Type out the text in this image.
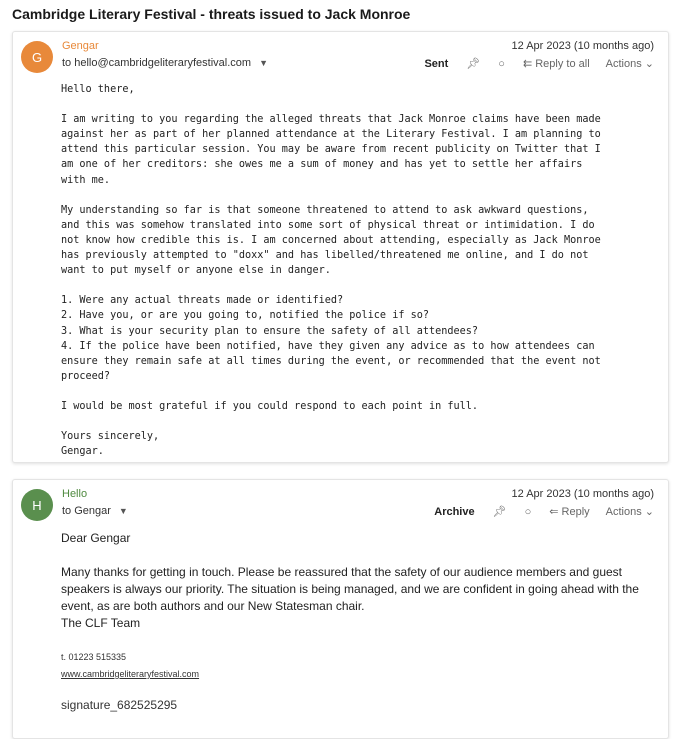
Cambridge Literary Festival - threats issued to Jack Monroe
G
Gengar
to hello@cambridgeliteraryfestival.com ▼
12 Apr 2023 (10 months ago)
Sent 📌︎ ○ ⇇ Reply to all Actions ⌄
Hello there,

I am writing to you regarding the alleged threats that Jack Monroe claims have been made
against her as part of her planned attendance at the Literary Festival. I am planning to
attend this particular session. You may be aware from recent publicity on Twitter that I
am one of her creditors: she owes me a sum of money and has yet to settle her affairs
with me.

My understanding so far is that someone threatened to attend to ask awkward questions,
and this was somehow translated into some sort of physical threat or intimidation. I do
not know how credible this is. I am concerned about attending, especially as Jack Monroe
has previously attempted to "doxx" and has libelled/threatened me online, and I do not
want to put myself or anyone else in danger.

1. Were any actual threats made or identified?
2. Have you, or are you going to, notified the police if so?
3. What is your security plan to ensure the safety of all attendees?
4. If the police have been notified, have they given any advice as to how attendees can
ensure they remain safe at all times during the event, or recommended that the event not
proceed?

I would be most grateful if you could respond to each point in full.

Yours sincerely,
Gengar.
H
Hello
to Gengar ▼
12 Apr 2023 (10 months ago)
Archive 📌︎ ○ ⇐ Reply Actions ⌄

Dear Gengar

Many thanks for getting in touch. Please be reassured that the safety of our audience members and guest speakers is always our priority. The situation is being managed, and we are confident in going ahead with the event, as are both authors and our New Statesman chair.

The CLF Team

t. 01223 515335
www.cambridgeliteraryfestival.com
signature_682525295
